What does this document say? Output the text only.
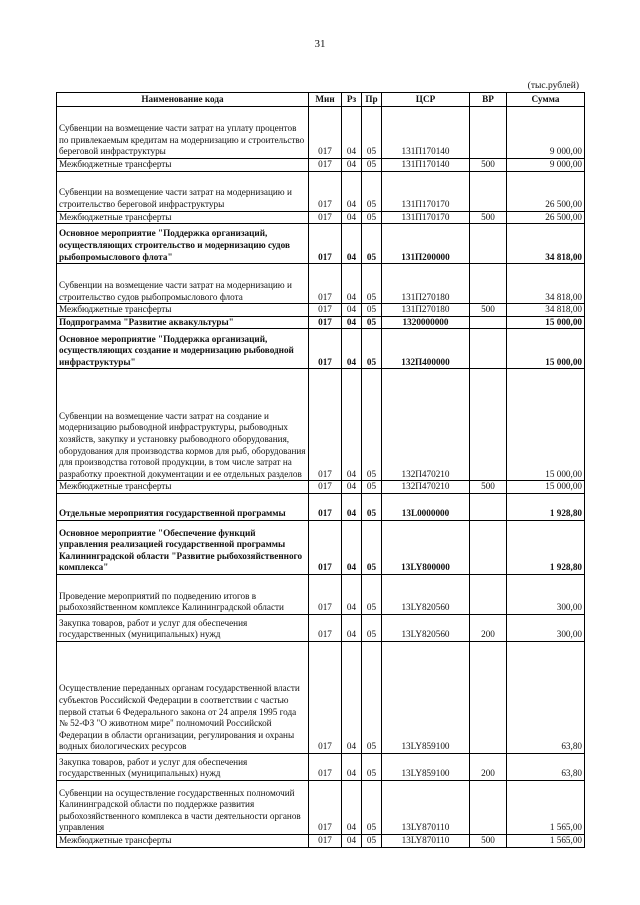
31
(тыс.рублей)
Наименование кода	Мин	Рз	Пр	ЦСР	ВР	Сумма
Субвенции на возмещение части затрат на уплату процентов по привлекаемым кредитам на модернизацию и строительство береговой инфраструктуры	017	04	05	131П170140		9 000,00
Межбюджетные трансферты	017	04	05	131П170140	500	9 000,00
Субвенции на возмещение части затрат на модернизацию и строительство береговой инфраструктуры	017	04	05	131П170170		26 500,00
Межбюджетные трансферты	017	04	05	131П170170	500	26 500,00
Основное мероприятие "Поддержка организаций, осуществляющих строительство и модернизацию судов рыбопромыслового флота"	017	04	05	131П200000		34 818,00
Субвенции на возмещение части затрат на модернизацию и строительство судов рыбопромыслового флота	017	04	05	131П270180		34 818,00
Межбюджетные трансферты	017	04	05	131П270180	500	34 818,00
Подпрограмма "Развитие аквакультуры"	017	04	05	1320000000		15 000,00
Основное мероприятие "Поддержка организаций, осуществляющих создание и модернизацию рыбоводной инфраструктуры"	017	04	05	132П400000		15 000,00
Субвенции на возмещение части затрат на создание и модернизацию рыбоводной инфраструктуры, рыбоводных хозяйств, закупку и установку рыбоводного оборудования, оборудования для производства кормов для рыб, оборудования для производства готовой продукции, в том числе затрат на разработку проектной документации и ее отдельных разделов	017	04	05	132П470210		15 000,00
Межбюджетные трансферты	017	04	05	132П470210	500	15 000,00
Отдельные мероприятия государственной программы	017	04	05	13L0000000		1 928,80
Основное мероприятие "Обеспечение функций управления реализацией государственной программы Калининградской области "Развитие рыбохозяйственного комплекса"	017	04	05	13LY800000		1 928,80
Проведение мероприятий по подведению итогов в рыбохозяйственном комплексе Калининградской области	017	04	05	13LY820560		300,00
Закупка товаров, работ и услуг для обеспечения государственных (муниципальных) нужд	017	04	05	13LY820560	200	300,00
Осуществление переданных органам государственной власти субъектов Российской Федерации в соответствии с частью первой статьи 6 Федерального закона от 24 апреля 1995 года № 52-ФЗ "О животном мире" полномочий Российской Федерации в области организации, регулирования и охраны водных биологических ресурсов	017	04	05	13LY859100		63,80
Закупка товаров, работ и услуг для обеспечения государственных (муниципальных) нужд	017	04	05	13LY859100	200	63,80
Субвенции на осуществление государственных полномочий Калининградской области по поддержке развития рыбохозяйственного комплекса в части деятельности органов управления	017	04	05	13LY870110		1 565,00
Межбюджетные трансферты	017	04	05	13LY870110	500	1 565,00
